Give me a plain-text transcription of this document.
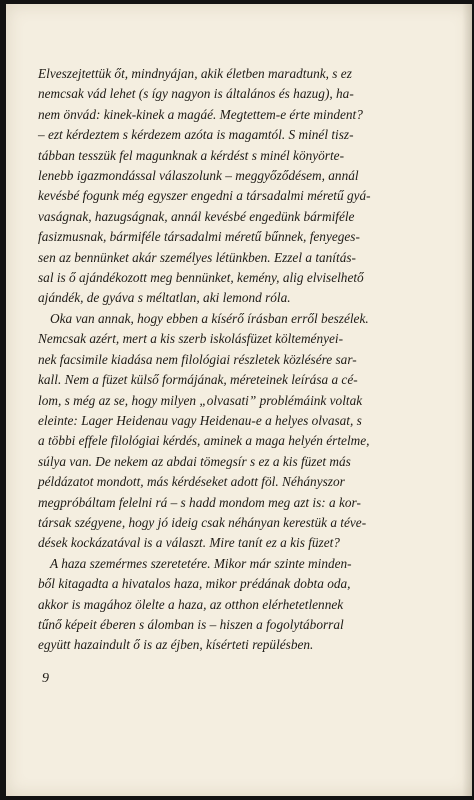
Elveszejtettük őt, mindnyájan, akik életben maradtunk, s ez
nemcsak vád lehet (s így nagyon is általános és hazug), ha-
nem önvád: kinek-kinek a magáé. Megtettem-e érte mindent?
– ezt kérdeztem s kérdezem azóta is magamtól. S minél tisz-
tábban tesszük fel magunknak a kérdést s minél könyörte-
lenebb igazmondással válaszolunk – meggyőződésem, annál
kevésbé fogunk még egyszer engedni a társadalmi méretű gyá-
vaságnak, hazugságnak, annál kevésbé engedünk bármiféle
fasizmusnak, bármiféle társadalmi méretű bűnnek, fenyeges-
sen az bennünket akár személyes létünkben. Ezzel a tanítás-
sal is ő ajándékozott meg bennünket, kemény, alig elviselhető
ajándék, de gyáva s méltatlan, aki lemond róla.

Oka van annak, hogy ebben a kísérő írásban erről beszélek.
Nemcsak azért, mert a kis szerb iskolásfüzet költeményei-
nek facsimile kiadása nem filológiai részletek közlésére sar-
kall. Nem a füzet külső formájának, méreteinek leírása a cé-
lom, s még az se, hogy milyen „olvasati” problémáink voltak
eleinte: Lager Heidenau vagy Heidenau-e a helyes olvasat, s
a többi effele filológiai kérdés, aminek a maga helyén értelme,
súlya van. De nekem az abdai tömegsír s ez a kis füzet más
példázatot mondott, más kérdéseket adott föl. Néhányszor
megpróbáltam felelni rá – s hadd mondom meg azt is: a kor-
társak szégyene, hogy jó ideig csak néhányan kerestük a téve-
dések kockázatával is a választ. Mire tanít ez a kis füzet?

A haza szemérmes szeretetére. Mikor már szinte minden-
ből kitagadta a hivatalos haza, mikor prédának dobta oda,
akkor is magához ölelte a haza, az otthon elérhetetlennek
tűnő képeit éberen s álomban is – hiszen a fogolytáborral
együtt hazaindult ő is az éjben, kísérteti repülésben.

9
